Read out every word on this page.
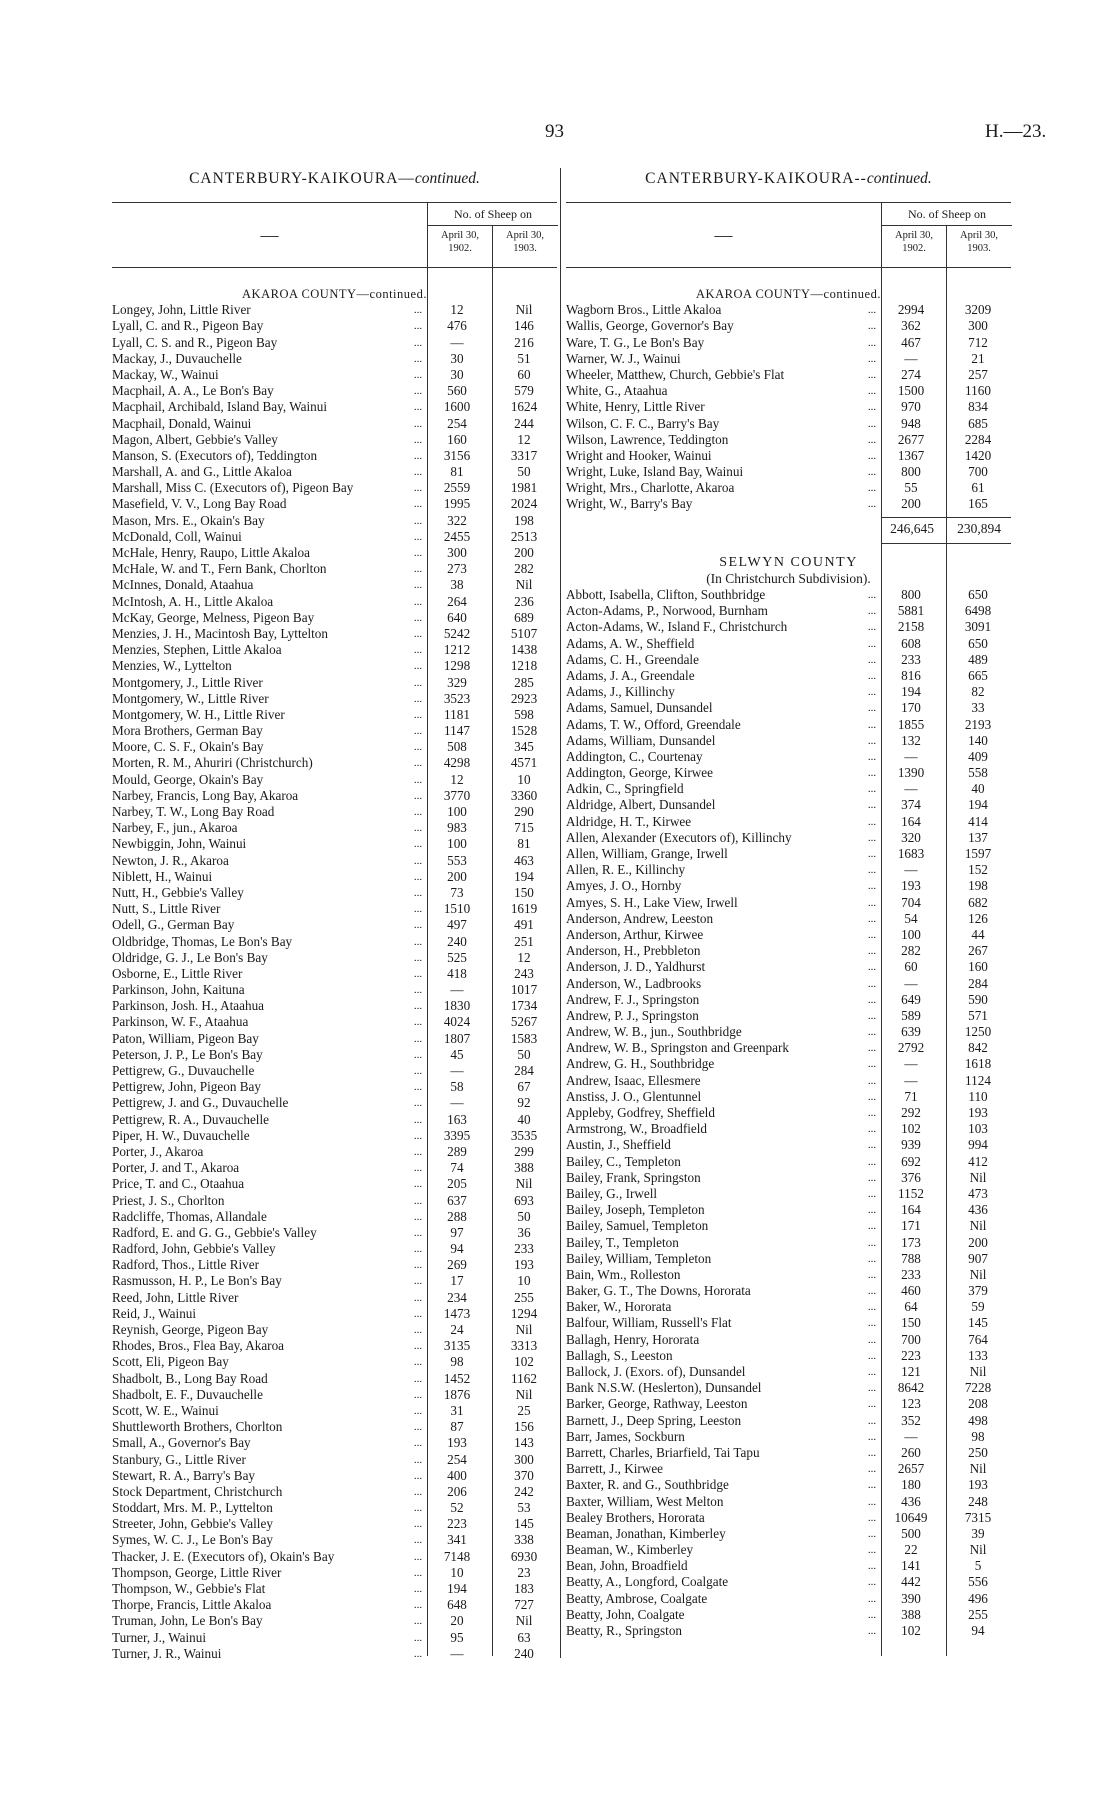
93	H.—23.
CANTERBURY-KAIKOURA—continued.
—
No. of Sheep on
April 30, 1902.
April 30, 1903.
AKAROA COUNTY—continued.
Longey, John, Little River	...	12	Nil
Lyall, C. and R., Pigeon Bay	...	476	146
Lyall, C. S. and R., Pigeon Bay	...	—	216
Mackay, J., Duvauchelle	...	30	51
Mackay, W., Wainui	...	30	60
Macphail, A. A., Le Bon's Bay	...	560	579
Macphail, Archibald, Island Bay, Wainui	...	1600	1624
Macphail, Donald, Wainui	...	254	244
Magon, Albert, Gebbie's Valley	...	160	12
Manson, S. (Executors of), Teddington	...	3156	3317
Marshall, A. and G., Little Akaloa	...	81	50
Marshall, Miss C. (Executors of), Pigeon Bay	...	2559	1981
Masefield, V. V., Long Bay Road	...	1995	2024
Mason, Mrs. E., Okain's Bay	...	322	198
McDonald, Coll, Wainui	...	2455	2513
McHale, Henry, Raupo, Little Akaloa	...	300	200
McHale, W. and T., Fern Bank, Chorlton	...	273	282
McInnes, Donald, Ataahua	...	38	Nil
McIntosh, A. H., Little Akaloa	...	264	236
McKay, George, Melness, Pigeon Bay	...	640	689
Menzies, J. H., Macintosh Bay, Lyttelton	...	5242	5107
Menzies, Stephen, Little Akaloa	...	1212	1438
Menzies, W., Lyttelton	...	1298	1218
Montgomery, J., Little River	...	329	285
Montgomery, W., Little River	...	3523	2923
Montgomery, W. H., Little River	...	1181	598
Mora Brothers, German Bay	...	1147	1528
Moore, C. S. F., Okain's Bay	...	508	345
Morten, R. M., Ahuriri (Christchurch)	...	4298	4571
Mould, George, Okain's Bay	...	12	10
Narbey, Francis, Long Bay, Akaroa	...	3770	3360
Narbey, T. W., Long Bay Road	...	100	290
Narbey, F., jun., Akaroa	...	983	715
Newbiggin, John, Wainui	...	100	81
Newton, J. R., Akaroa	...	553	463
Niblett, H., Wainui	...	200	194
Nutt, H., Gebbie's Valley	...	73	150
Nutt, S., Little River	...	1510	1619
Odell, G., German Bay	...	497	491
Oldbridge, Thomas, Le Bon's Bay	...	240	251
Oldridge, G. J., Le Bon's Bay	...	525	12
Osborne, E., Little River	...	418	243
Parkinson, John, Kaituna	...	—	1017
Parkinson, Josh. H., Ataahua	...	1830	1734
Parkinson, W. F., Ataahua	...	4024	5267
Paton, William, Pigeon Bay	...	1807	1583
Peterson, J. P., Le Bon's Bay	...	45	50
Pettigrew, G., Duvauchelle	...	—	284
Pettigrew, John, Pigeon Bay	...	58	67
Pettigrew, J. and G., Duvauchelle	...	—	92
Pettigrew, R. A., Duvauchelle	...	163	40
Piper, H. W., Duvauchelle	...	3395	3535
Porter, J., Akaroa	...	289	299
Porter, J. and T., Akaroa	...	74	388
Price, T. and C., Otaahua	...	205	Nil
Priest, J. S., Chorlton	...	637	693
Radcliffe, Thomas, Allandale	...	288	50
Radford, E. and G. G., Gebbie's Valley	...	97	36
Radford, John, Gebbie's Valley	...	94	233
Radford, Thos., Little River	...	269	193
Rasmusson, H. P., Le Bon's Bay	...	17	10
Reed, John, Little River	...	234	255
Reid, J., Wainui	...	1473	1294
Reynish, George, Pigeon Bay	...	24	Nil
Rhodes, Bros., Flea Bay, Akaroa	...	3135	3313
Scott, Eli, Pigeon Bay	...	98	102
Shadbolt, B., Long Bay Road	...	1452	1162
Shadbolt, E. F., Duvauchelle	...	1876	Nil
Scott, W. E., Wainui	...	31	25
Shuttleworth Brothers, Chorlton	...	87	156
Small, A., Governor's Bay	...	193	143
Stanbury, G., Little River	...	254	300
Stewart, R. A., Barry's Bay	...	400	370
Stock Department, Christchurch	...	206	242
Stoddart, Mrs. M. P., Lyttelton	...	52	53
Streeter, John, Gebbie's Valley	...	223	145
Symes, W. C. J., Le Bon's Bay	...	341	338
Thacker, J. E. (Executors of), Okain's Bay	...	7148	6930
Thompson, George, Little River	...	10	23
Thompson, W., Gebbie's Flat	...	194	183
Thorpe, Francis, Little Akaloa	...	648	727
Truman, John, Le Bon's Bay	...	20	Nil
Turner, J., Wainui	...	95	63
Turner, J. R., Wainui	...	—	240
CANTERBURY-KAIKOURA--continued.
—
No. of Sheep on
April 30, 1902.
April 30, 1903.
AKAROA COUNTY—continued.
Wagborn Bros., Little Akaloa	...	2994	3209
Wallis, George, Governor's Bay	...	362	300
Ware, T. G., Le Bon's Bay	...	467	712
Warner, W. J., Wainui	...	—	21
Wheeler, Matthew, Church, Gebbie's Flat	...	274	257
White, G., Ataahua	...	1500	1160
White, Henry, Little River	...	970	834
Wilson, C. F. C., Barry's Bay	...	948	685
Wilson, Lawrence, Teddington	...	2677	2284
Wright and Hooker, Wainui	...	1367	1420
Wright, Luke, Island Bay, Wainui	...	800	700
Wright, Mrs., Charlotte, Akaroa	...	55	61
Wright, W., Barry's Bay	...	200	165
246,645	230,894
SELWYN COUNTY
(In Christchurch Subdivision).
Abbott, Isabella, Clifton, Southbridge	...	800	650
Acton-Adams, P., Norwood, Burnham	...	5881	6498
Acton-Adams, W., Island F., Christchurch	...	2158	3091
Adams, A. W., Sheffield	...	608	650
Adams, C. H., Greendale	...	233	489
Adams, J. A., Greendale	...	816	665
Adams, J., Killinchy	...	194	82
Adams, Samuel, Dunsandel	...	170	33
Adams, T. W., Offord, Greendale	...	1855	2193
Adams, William, Dunsandel	...	132	140
Addington, C., Courtenay	...	—	409
Addington, George, Kirwee	...	1390	558
Adkin, C., Springfield	...	—	40
Aldridge, Albert, Dunsandel	...	374	194
Aldridge, H. T., Kirwee	...	164	414
Allen, Alexander (Executors of), Killinchy	...	320	137
Allen, William, Grange, Irwell	...	1683	1597
Allen, R. E., Killinchy	...	—	152
Amyes, J. O., Hornby	...	193	198
Amyes, S. H., Lake View, Irwell	...	704	682
Anderson, Andrew, Leeston	...	54	126
Anderson, Arthur, Kirwee	...	100	44
Anderson, H., Prebbleton	...	282	267
Anderson, J. D., Yaldhurst	...	60	160
Anderson, W., Ladbrooks	...	—	284
Andrew, F. J., Springston	...	649	590
Andrew, P. J., Springston	...	589	571
Andrew, W. B., jun., Southbridge	...	639	1250
Andrew, W. B., Springston and Greenpark	...	2792	842
Andrew, G. H., Southbridge	...	—	1618
Andrew, Isaac, Ellesmere	...	—	1124
Anstiss, J. O., Glentunnel	...	71	110
Appleby, Godfrey, Sheffield	...	292	193
Armstrong, W., Broadfield	...	102	103
Austin, J., Sheffield	...	939	994
Bailey, C., Templeton	...	692	412
Bailey, Frank, Springston	...	376	Nil
Bailey, G., Irwell	...	1152	473
Bailey, Joseph, Templeton	...	164	436
Bailey, Samuel, Templeton	...	171	Nil
Bailey, T., Templeton	...	173	200
Bailey, William, Templeton	...	788	907
Bain, Wm., Rolleston	...	233	Nil
Baker, G. T., The Downs, Hororata	...	460	379
Baker, W., Hororata	...	64	59
Balfour, William, Russell's Flat	...	150	145
Ballagh, Henry, Hororata	...	700	764
Ballagh, S., Leeston	...	223	133
Ballock, J. (Exors. of), Dunsandel	...	121	Nil
Bank N.S.W. (Heslerton), Dunsandel	...	8642	7228
Barker, George, Rathway, Leeston	...	123	208
Barnett, J., Deep Spring, Leeston	...	352	498
Barr, James, Sockburn	...	—	98
Barrett, Charles, Briarfield, Tai Tapu	...	260	250
Barrett, J., Kirwee	...	2657	Nil
Baxter, R. and G., Southbridge	...	180	193
Baxter, William, West Melton	...	436	248
Bealey Brothers, Hororata	...	10649	7315
Beaman, Jonathan, Kimberley	...	500	39
Beaman, W., Kimberley	...	22	Nil
Bean, John, Broadfield	...	141	5
Beatty, A., Longford, Coalgate	...	442	556
Beatty, Ambrose, Coalgate	...	390	496
Beatty, John, Coalgate	...	388	255
Beatty, R., Springston	...	102	94
